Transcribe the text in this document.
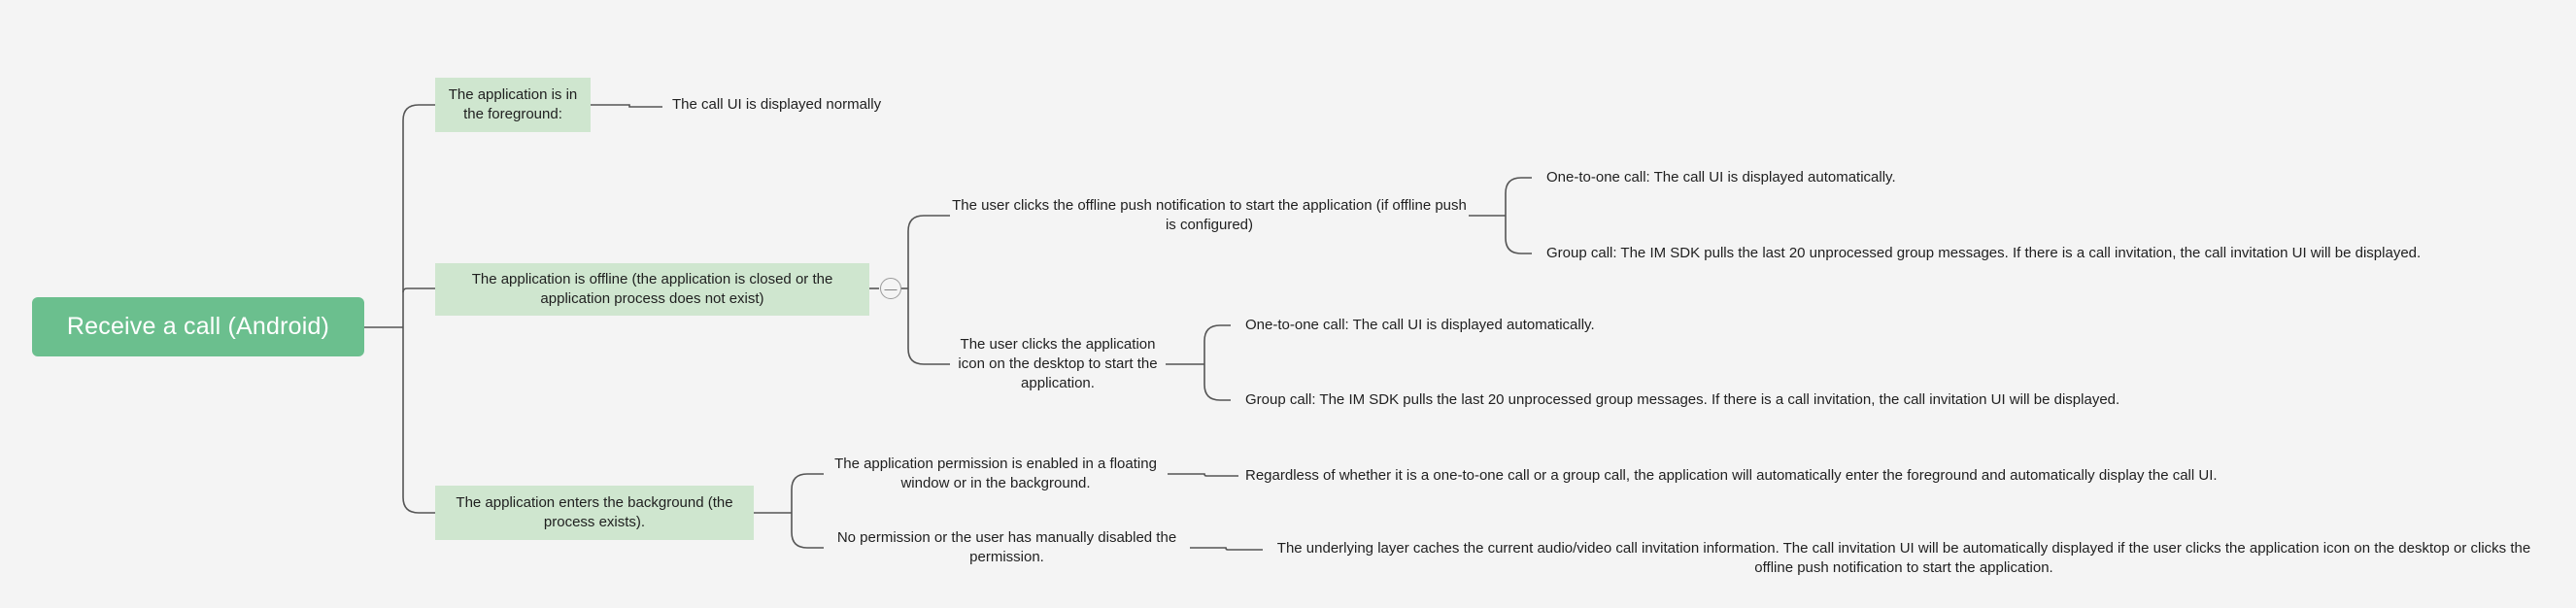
Receive a call (Android)
The application is in the foreground:
The call UI is displayed normally
The application is offline (the application is closed or the application process does not exist)
—
The user clicks the offline push notification to start the application (if offline push is configured)
One-to-one call: The call UI is displayed automatically.
Group call: The IM SDK pulls the last 20 unprocessed group messages. If there is a call invitation, the call invitation UI will be displayed.
The user clicks the application icon on the desktop to start the application.
One-to-one call: The call UI is displayed automatically.
Group call: The IM SDK pulls the last 20 unprocessed group messages. If there is a call invitation, the call invitation UI will be displayed.
The application enters the background (the process exists).
The application permission is enabled in a floating window or in the background.	Regardless of whether it is a one-to-one call or a group call, the application will automatically enter the foreground and automatically display the call UI.
No permission or the user has manually disabled the permission.
The underlying layer caches the current audio/video call invitation information. The call invitation UI will be automatically displayed if the user clicks the application icon on the desktop or clicks the offline push notification to start the application.
